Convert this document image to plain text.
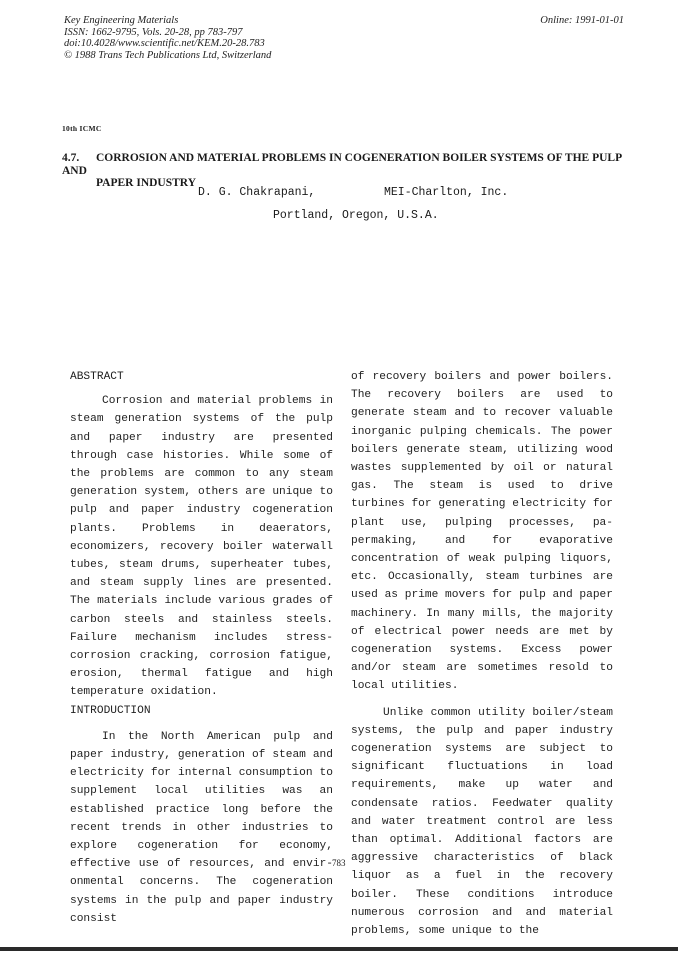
Key Engineering Materials
ISSN: 1662-9795, Vols. 20-28, pp 783-797
doi:10.4028/www.scientific.net/KEM.20-28.783
© 1988 Trans Tech Publications Ltd, Switzerland
Online: 1991-01-01
10th ICMC
4.7. CORROSION AND MATERIAL PROBLEMS IN COGENERATION BOILER SYSTEMS OF THE PULP AND
PAPER INDUSTRY
D. G. Chakrapani,	MEI-Charlton, Inc.
Portland, Oregon, U.S.A.

ABSTRACT

Corrosion and material problems in steam generation systems of the pulp and paper industry are presented through case histories. While some of the problems are common to any steam generation system, others are unique to pulp and paper industry cogeneration plants. Problems in deaerators, economizers, recovery boiler waterwall tubes, steam drums, superheater tubes, and steam supply lines are presented. The materials include various grades of carbon steels and stainless steels. Failure mechanism includes stress-corrosion cracking, corrosion fatigue, erosion, thermal fatigue and high temperature oxidation.

INTRODUCTION

In the North American pulp and paper industry, generation of steam and electricity for internal consumption to supplement local utilities was an established practice long before the recent trends in other industries to explore cogeneration for economy, effective use of resources, and environmental concerns. The cogeneration systems in the pulp and paper industry consist

of recovery boilers and power boilers. The recovery boilers are used to generate steam and to recover valuable inorganic pulping chemicals. The power boilers generate steam, utilizing wood wastes supplemented by oil or natural gas. The steam is used to drive turbines for generating electricity for plant use, pulping processes, papermaking, and for evaporative concentration of weak pulping liquors, etc. Occasionally, steam turbines are used as prime movers for pulp and paper machinery. In many mills, the majority of electrical power needs are met by cogeneration systems. Excess power and/or steam are sometimes resold to local utilities.

Unlike common utility boiler/steam systems, the pulp and paper industry cogeneration systems are subject to significant fluctuations in load requirements, make up water and condensate ratios. Feedwater quality and water treatment control are less than optimal. Additional factors are aggressive characteristics of black liquor as a fuel in the recovery boiler. These conditions introduce numerous corrosion and and material problems, some unique to the

783
